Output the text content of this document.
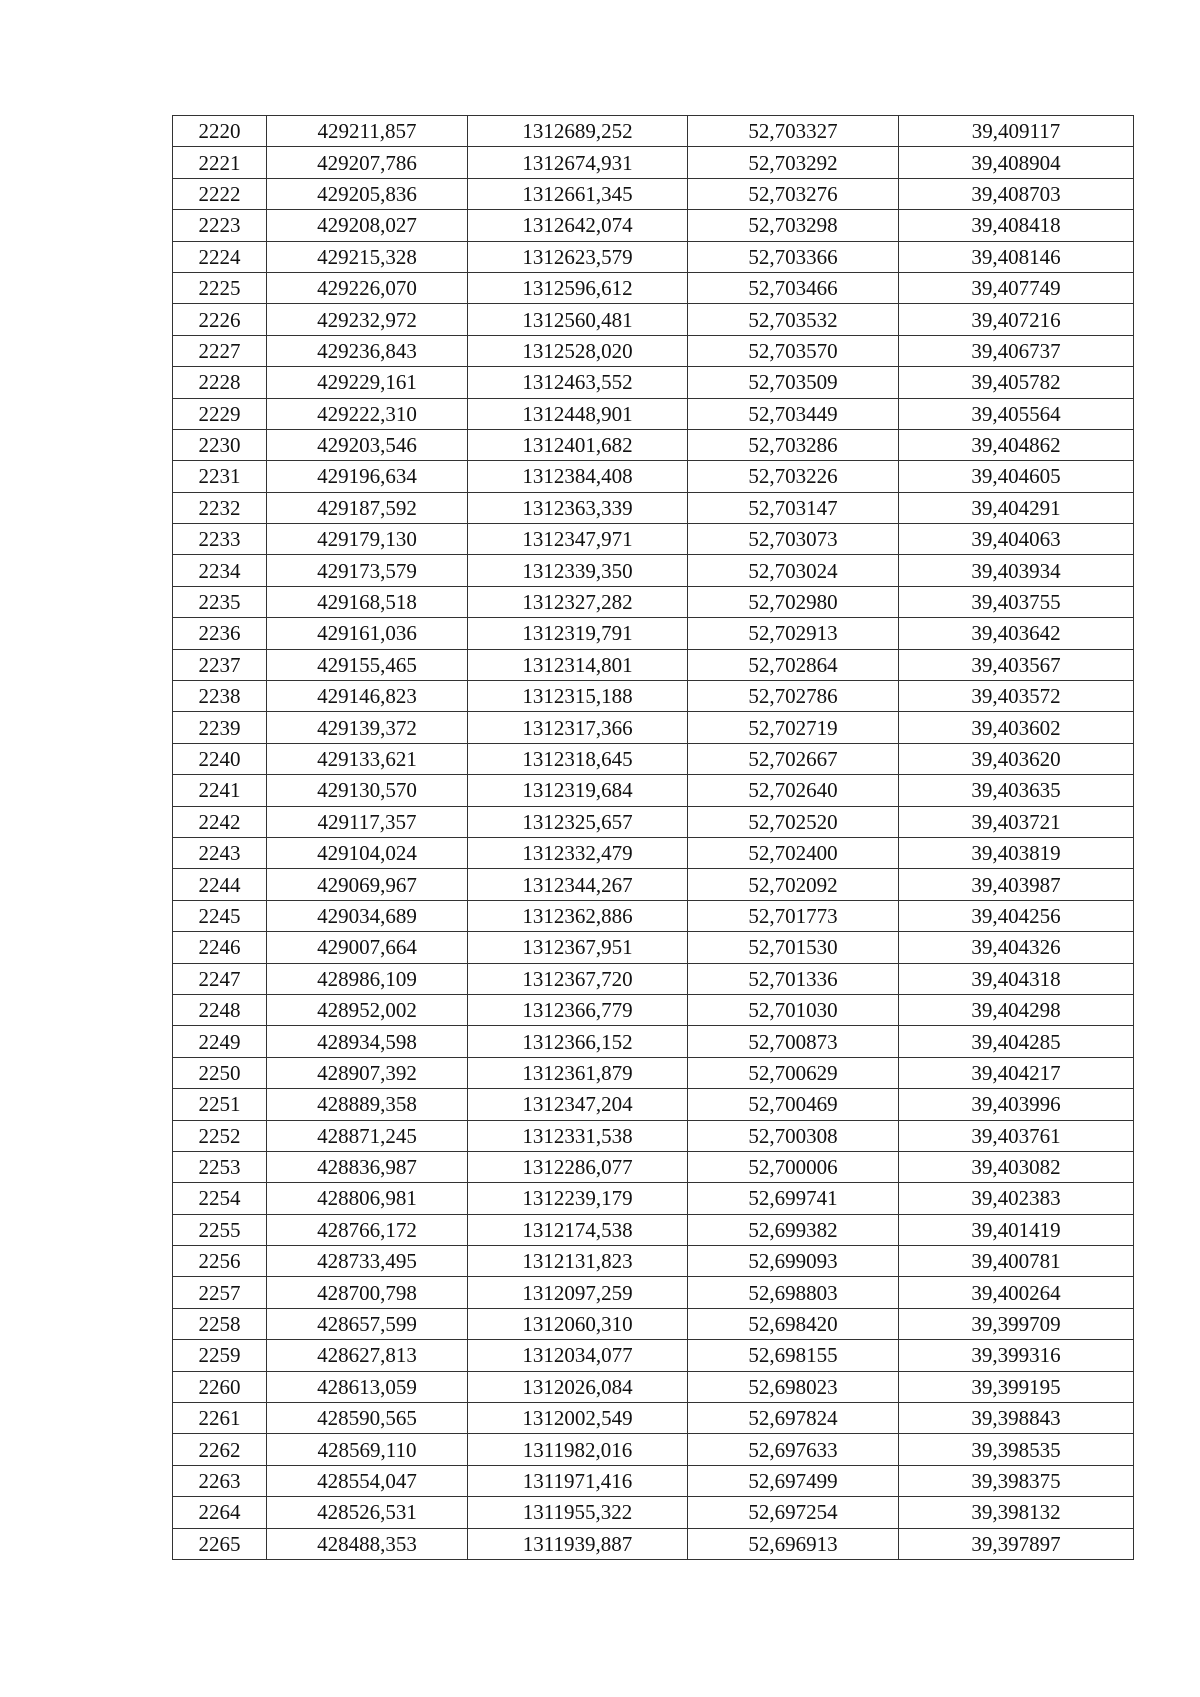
2220	429211,857	1312689,252	52,703327	39,409117
2221	429207,786	1312674,931	52,703292	39,408904
2222	429205,836	1312661,345	52,703276	39,408703
2223	429208,027	1312642,074	52,703298	39,408418
2224	429215,328	1312623,579	52,703366	39,408146
2225	429226,070	1312596,612	52,703466	39,407749
2226	429232,972	1312560,481	52,703532	39,407216
2227	429236,843	1312528,020	52,703570	39,406737
2228	429229,161	1312463,552	52,703509	39,405782
2229	429222,310	1312448,901	52,703449	39,405564
2230	429203,546	1312401,682	52,703286	39,404862
2231	429196,634	1312384,408	52,703226	39,404605
2232	429187,592	1312363,339	52,703147	39,404291
2233	429179,130	1312347,971	52,703073	39,404063
2234	429173,579	1312339,350	52,703024	39,403934
2235	429168,518	1312327,282	52,702980	39,403755
2236	429161,036	1312319,791	52,702913	39,403642
2237	429155,465	1312314,801	52,702864	39,403567
2238	429146,823	1312315,188	52,702786	39,403572
2239	429139,372	1312317,366	52,702719	39,403602
2240	429133,621	1312318,645	52,702667	39,403620
2241	429130,570	1312319,684	52,702640	39,403635
2242	429117,357	1312325,657	52,702520	39,403721
2243	429104,024	1312332,479	52,702400	39,403819
2244	429069,967	1312344,267	52,702092	39,403987
2245	429034,689	1312362,886	52,701773	39,404256
2246	429007,664	1312367,951	52,701530	39,404326
2247	428986,109	1312367,720	52,701336	39,404318
2248	428952,002	1312366,779	52,701030	39,404298
2249	428934,598	1312366,152	52,700873	39,404285
2250	428907,392	1312361,879	52,700629	39,404217
2251	428889,358	1312347,204	52,700469	39,403996
2252	428871,245	1312331,538	52,700308	39,403761
2253	428836,987	1312286,077	52,700006	39,403082
2254	428806,981	1312239,179	52,699741	39,402383
2255	428766,172	1312174,538	52,699382	39,401419
2256	428733,495	1312131,823	52,699093	39,400781
2257	428700,798	1312097,259	52,698803	39,400264
2258	428657,599	1312060,310	52,698420	39,399709
2259	428627,813	1312034,077	52,698155	39,399316
2260	428613,059	1312026,084	52,698023	39,399195
2261	428590,565	1312002,549	52,697824	39,398843
2262	428569,110	1311982,016	52,697633	39,398535
2263	428554,047	1311971,416	52,697499	39,398375
2264	428526,531	1311955,322	52,697254	39,398132
2265	428488,353	1311939,887	52,696913	39,397897
